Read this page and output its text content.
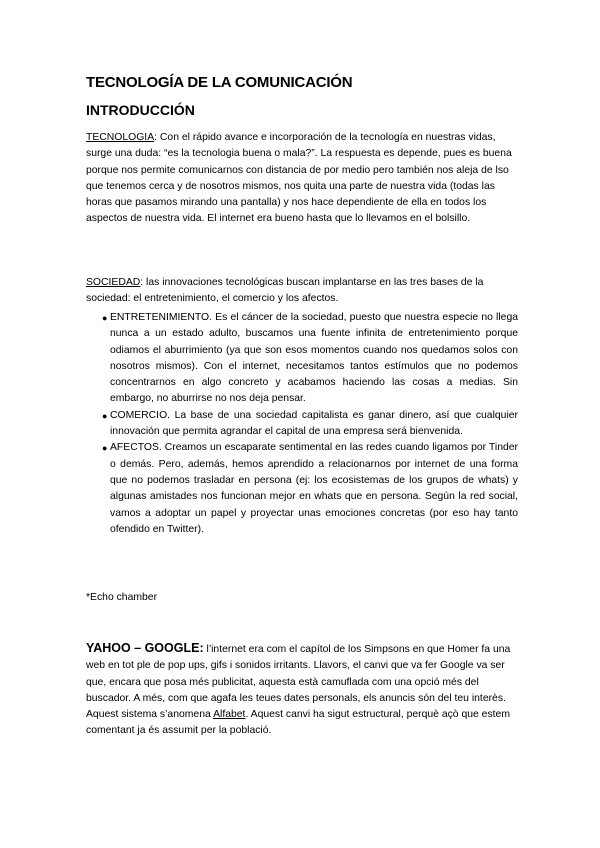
TECNOLOGÍA DE LA COMUNICACIÓN
INTRODUCCIÓN
TECNOLOGIA: Con el rápido avance e incorporación de la tecnología en nuestras vidas, surge una duda: “es la tecnologia buena o mala?”. La respuesta es depende, pues es buena porque nos permite comunicarnos con distancia de por medio pero también nos aleja de lso que tenemos cerca y de nosotros mismos, nos quita una parte de nuestra vida (todas las horas que pasamos mirando una pantalla) y nos hace dependiente de ella en todos los aspectos de nuestra vida. El internet era bueno hasta que lo llevamos en el bolsillo.
SOCIEDAD: las innovaciones tecnológicas buscan implantarse en las tres bases de la sociedad: el entretenimiento, el comercio y los afectos.
● ENTRETENIMIENTO. Es el cáncer de la sociedad, puesto que nuestra especie no llega nunca a un estado adulto, buscamos una fuente infinita de entretenimiento porque odiamos el aburrimiento (ya que son esos momentos cuando nos quedamos solos con nosotros mismos). Con el internet, necesitamos tantos estímulos que no podemos concentrarnos en algo concreto y acabamos haciendo las cosas a medias. Sin embargo, no aburrirse no nos deja pensar.
● COMERCIO. La base de una sociedad capitalista es ganar dinero, así que cualquier innovación que permita agrandar el capital de una empresa será bienvenida.
● AFECTOS. Creamos un escaparate sentimental en las redes cuando ligamos por Tinder o demás. Pero, además, hemos aprendido a relacionarnos por internet de una forma que no podemos trasladar en persona (ej: los ecosistemas de los grupos de whats) y algunas amistades nos funcionan mejor en whats que en persona. Según la red social, vamos a adoptar un papel y proyectar unas emociones concretas (por eso hay tanto ofendido en Twitter).
*Echo chamber
YAHOO – GOOGLE: l’internet era com el capítol de los Simpsons en que Homer fa una web en tot ple de pop ups, gifs i sonidos irritants. Llavors, el canvi que va fer Google va ser que, encara que posa més publicitat, aquesta està camuflada com una opció més del buscador. A més, com que agafa les teues dates personals, els anuncis són del teu interès. Aquest sistema s’anomena Alfabet. Aquest canvi ha sigut estructural, perquè açò que estem comentant ja és assumit per la població.
